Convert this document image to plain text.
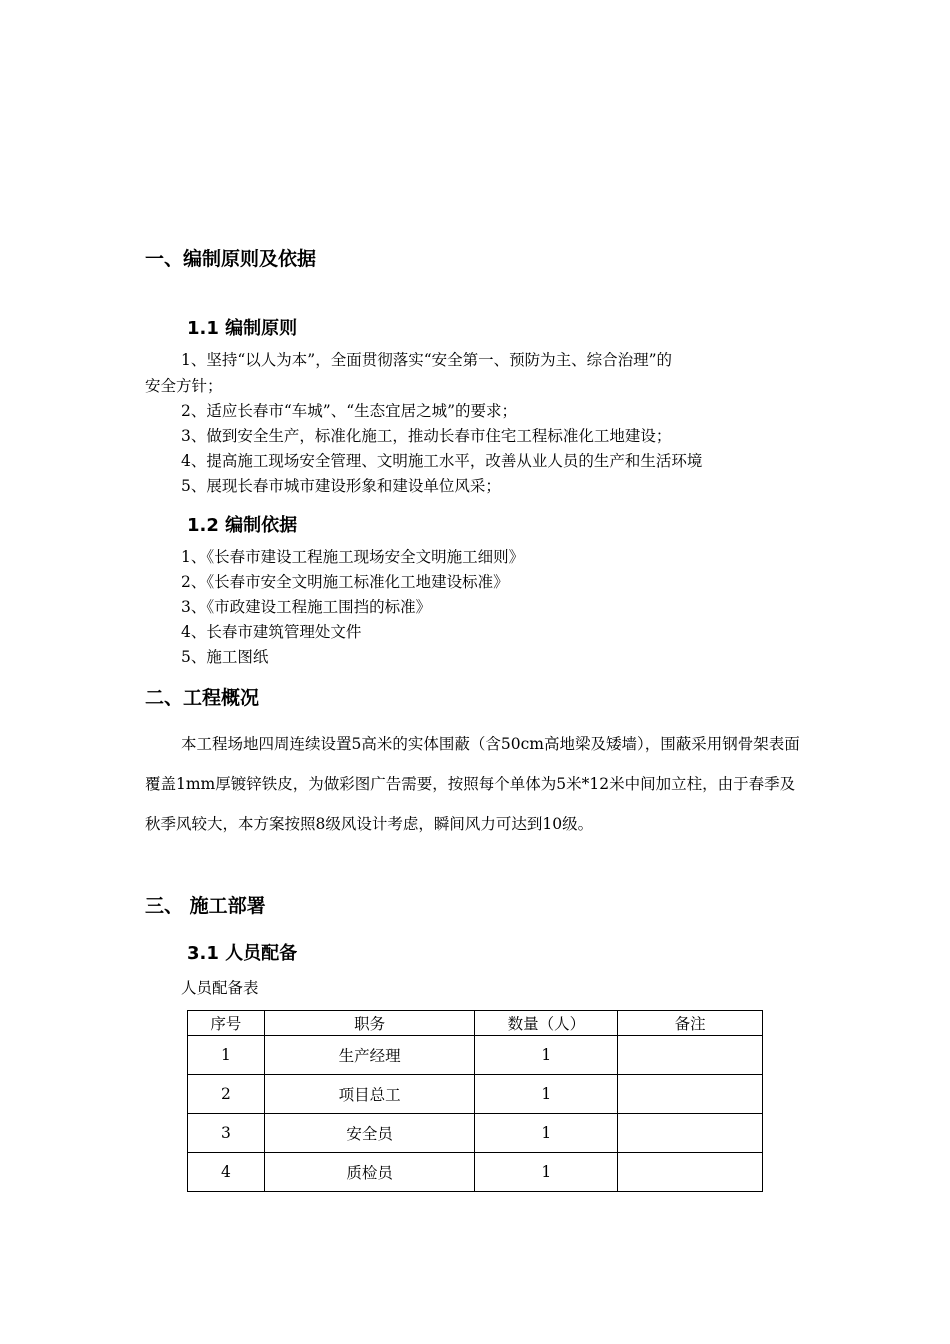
一、编制原则及依据
1.1 编制原则
1、坚持“以人为本”，全面贯彻落实“安全第一、预防为主、综合治理”的
安全方针；
2、适应长春市“车城”、“生态宜居之城”的要求；
3、做到安全生产，标准化施工，推动长春市住宅工程标准化工地建设；
4、提高施工现场安全管理、文明施工水平，改善从业人员的生产和生活环境
5、展现长春市城市建设形象和建设单位风采；
1.2 编制依据
1、《长春市建设工程施工现场安全文明施工细则》
2、《长春市安全文明施工标准化工地建设标准》
3、《市政建设工程施工围挡的标准》
4、长春市建筑管理处文件
5、施工图纸
二、工程概况
本工程场地四周连续设置5高米的实体围蔽（含50cm高地梁及矮墙），围蔽采用钢骨架表面覆盖1mm厚镀锌铁皮，为做彩图广告需要，按照每个单体为5米*12米中间加立柱，由于春季及秋季风较大，本方案按照8级风设计考虑，瞬间风力可达到10级。
三、 施工部署
3.1 人员配备
人员配备表
序号	职务	数量（人）	备注
1	生产经理	1	
2	项目总工	1	
3	安全员	1	
4	质检员	1	
